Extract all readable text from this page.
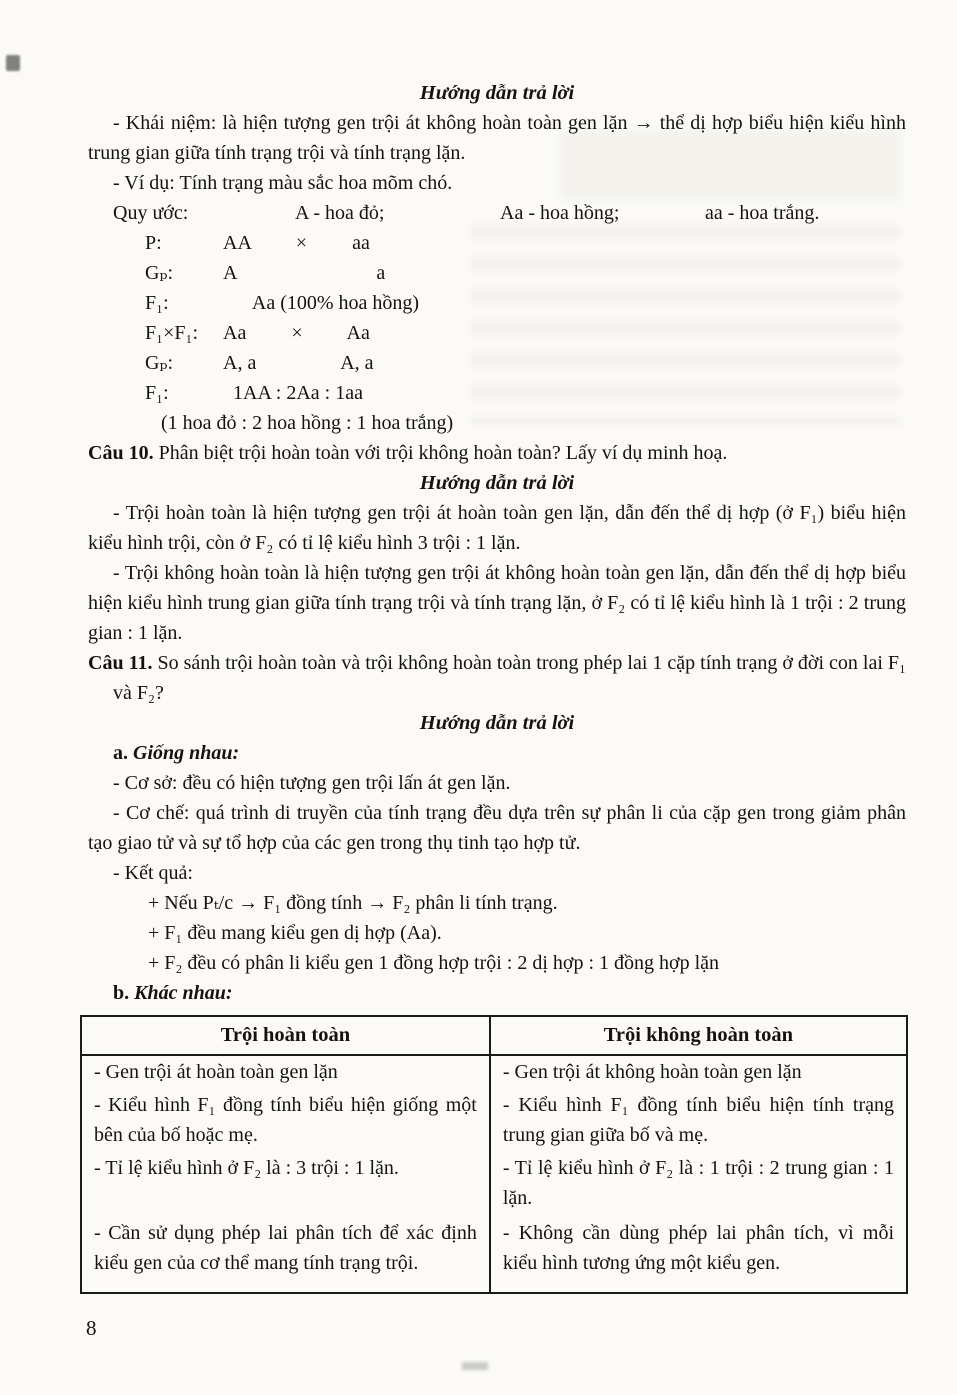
Hướng dẫn trả lời

- Khái niệm: là hiện tượng gen trội át không hoàn toàn gen lặn → thể dị hợp biểu hiện kiểu hình trung gian giữa tính trạng trội và tính trạng lặn.

- Ví dụ: Tính trạng màu sắc hoa mõm chó.

Quy ước:	A - hoa đỏ;	Aa - hoa hồng;	aa - hoa trắng.

P:	AA         ×         aa

Gₚ:	A                            a

F₁:	Aa (100% hoa hồng)

F₁×F₁: Aa         ×         Aa

Gₚ:	A, a                 A, a

F₁:	1AA : 2Aa : 1aa

(1 hoa đỏ : 2 hoa hồng : 1 hoa trắng)

Câu 10. Phân biệt trội hoàn toàn với trội không hoàn toàn? Lấy ví dụ minh hoạ.

Hướng dẫn trả lời

- Trội hoàn toàn là hiện tượng gen trội át hoàn toàn gen lặn, dẫn đến thể dị hợp (ở F₁) biểu hiện kiểu hình trội, còn ở F₂ có tỉ lệ kiểu hình 3 trội : 1 lặn.

- Trội không hoàn toàn là hiện tượng gen trội át không hoàn toàn gen lặn, dẫn đến thể dị hợp biểu hiện kiểu hình trung gian giữa tính trạng trội và tính trạng lặn, ở F₂ có tỉ lệ kiểu hình là 1 trội : 2 trung gian : 1 lặn.

Câu 11. So sánh trội hoàn toàn và trội không hoàn toàn trong phép lai 1 cặp tính trạng ở đời con lai F₁ và F₂?

Hướng dẫn trả lời

a. Giống nhau:

- Cơ sở: đều có hiện tượng gen trội lấn át gen lặn.

- Cơ chế: quá trình di truyền của tính trạng đều dựa trên sự phân li của cặp gen trong giảm phân tạo giao tử và sự tổ hợp của các gen trong thụ tinh tạo hợp tử.

- Kết quả:

+ Nếu Pₜ/c → F₁ đồng tính → F₂ phân li tính trạng.

+ F₁ đều mang kiểu gen dị hợp (Aa).

+ F₂ đều có phân li kiểu gen 1 đồng hợp trội : 2 dị hợp : 1 đồng hợp lặn

b. Khác nhau:

Trội hoàn toàn	Trội không hoàn toàn
- Gen trội át hoàn toàn gen lặn	- Gen trội át không hoàn toàn gen lặn
- Kiểu hình F₁ đồng tính biểu hiện giống một bên của bố hoặc mẹ.	- Kiểu hình F₁ đồng tính biểu hiện tính trạng trung gian giữa bố và mẹ.
- Tỉ lệ kiểu hình ở F₂ là : 3 trội : 1 lặn.	- Tỉ lệ kiểu hình ở F₂ là : 1 trội : 2 trung gian : 1 lặn.
- Cần sử dụng phép lai phân tích để xác định kiểu gen của cơ thể mang tính trạng trội.	- Không cần dùng phép lai phân tích, vì mỗi kiểu hình tương ứng một kiểu gen.
8
